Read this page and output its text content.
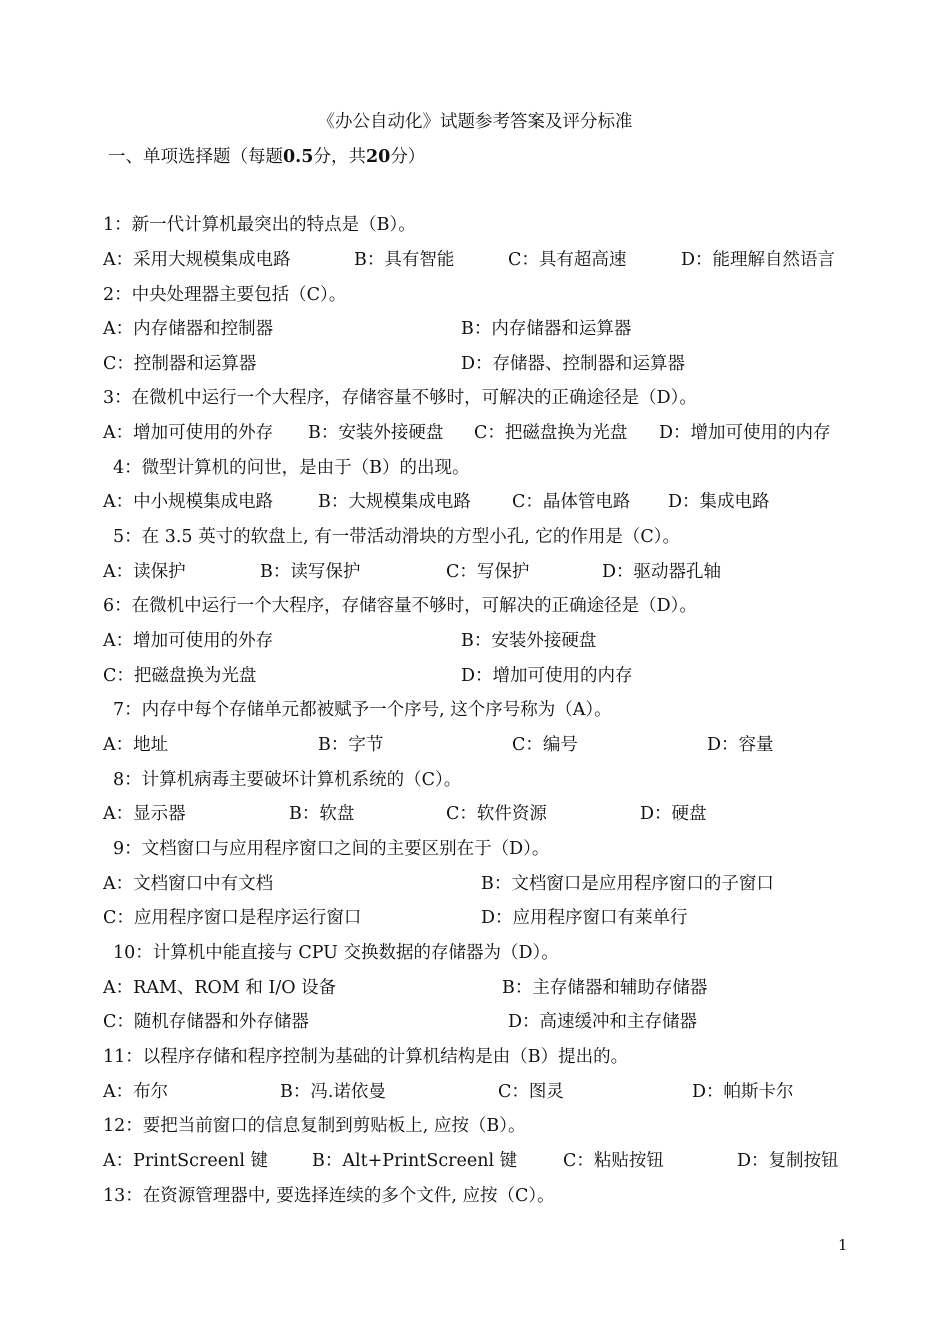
《办公自动化》试题参考答案及评分标准
一、单项选择题（每题0.5分，共20分）
1：新一代计算机最突出的特点是（B）。
A：采用大规模集成电路	B：具有智能	C：具有超高速	D：能理解自然语言
2：中央处理器主要包括（C）。
A：内存储器和控制器	B：内存储器和运算器
C：控制器和运算器	D：存储器、控制器和运算器
3：在微机中运行一个大程序，存储容量不够时，可解决的正确途径是（D）。
A：增加可使用的外存 B：安装外接硬盘 C：把磁盘换为光盘 D：增加可使用的内存
4：微型计算机的问世，是由于（B）的出现。
A：中小规模集成电路	B：大规模集成电路 C：晶体管电路 D：集成电路
5：在 3.5 英寸的软盘上, 有一带活动滑块的方型小孔, 它的作用是（C）。
A：读保护	B：读写保护	C：写保护	D：驱动器孔轴
6：在微机中运行一个大程序，存储容量不够时，可解决的正确途径是（D）。
A：增加可使用的外存	B：安装外接硬盘
C：把磁盘换为光盘	D：增加可使用的内存
7：内存中每个存储单元都被赋予一个序号, 这个序号称为（A）。
A：地址	B：字节	C：编号	D：容量
8：计算机病毒主要破坏计算机系统的（C）。
A：显示器	B：软盘	C：软件资源	D：硬盘
9：文档窗口与应用程序窗口之间的主要区别在于（D）。
A：文档窗口中有文档	B：文档窗口是应用程序窗口的子窗口
C：应用程序窗口是程序运行窗口	D：应用程序窗口有莱单行
10：计算机中能直接与 CPU 交换数据的存储器为（D）。
A：RAM、ROM 和 I/O 设备	B：主存储器和辅助存储器
C：随机存储器和外存储器	D：高速缓冲和主存储器
11：以程序存储和程序控制为基础的计算机结构是由（B）提出的。
A：布尔	B：冯.诺依曼	C：图灵	D：帕斯卡尔
12：要把当前窗口的信息复制到剪贴板上, 应按（B）。
A：PrintScreenl 键	B：Alt+PrintScreenl 键	C：粘贴按钮	D：复制按钮
13：在资源管理器中, 要选择连续的多个文件, 应按（C）。
1
